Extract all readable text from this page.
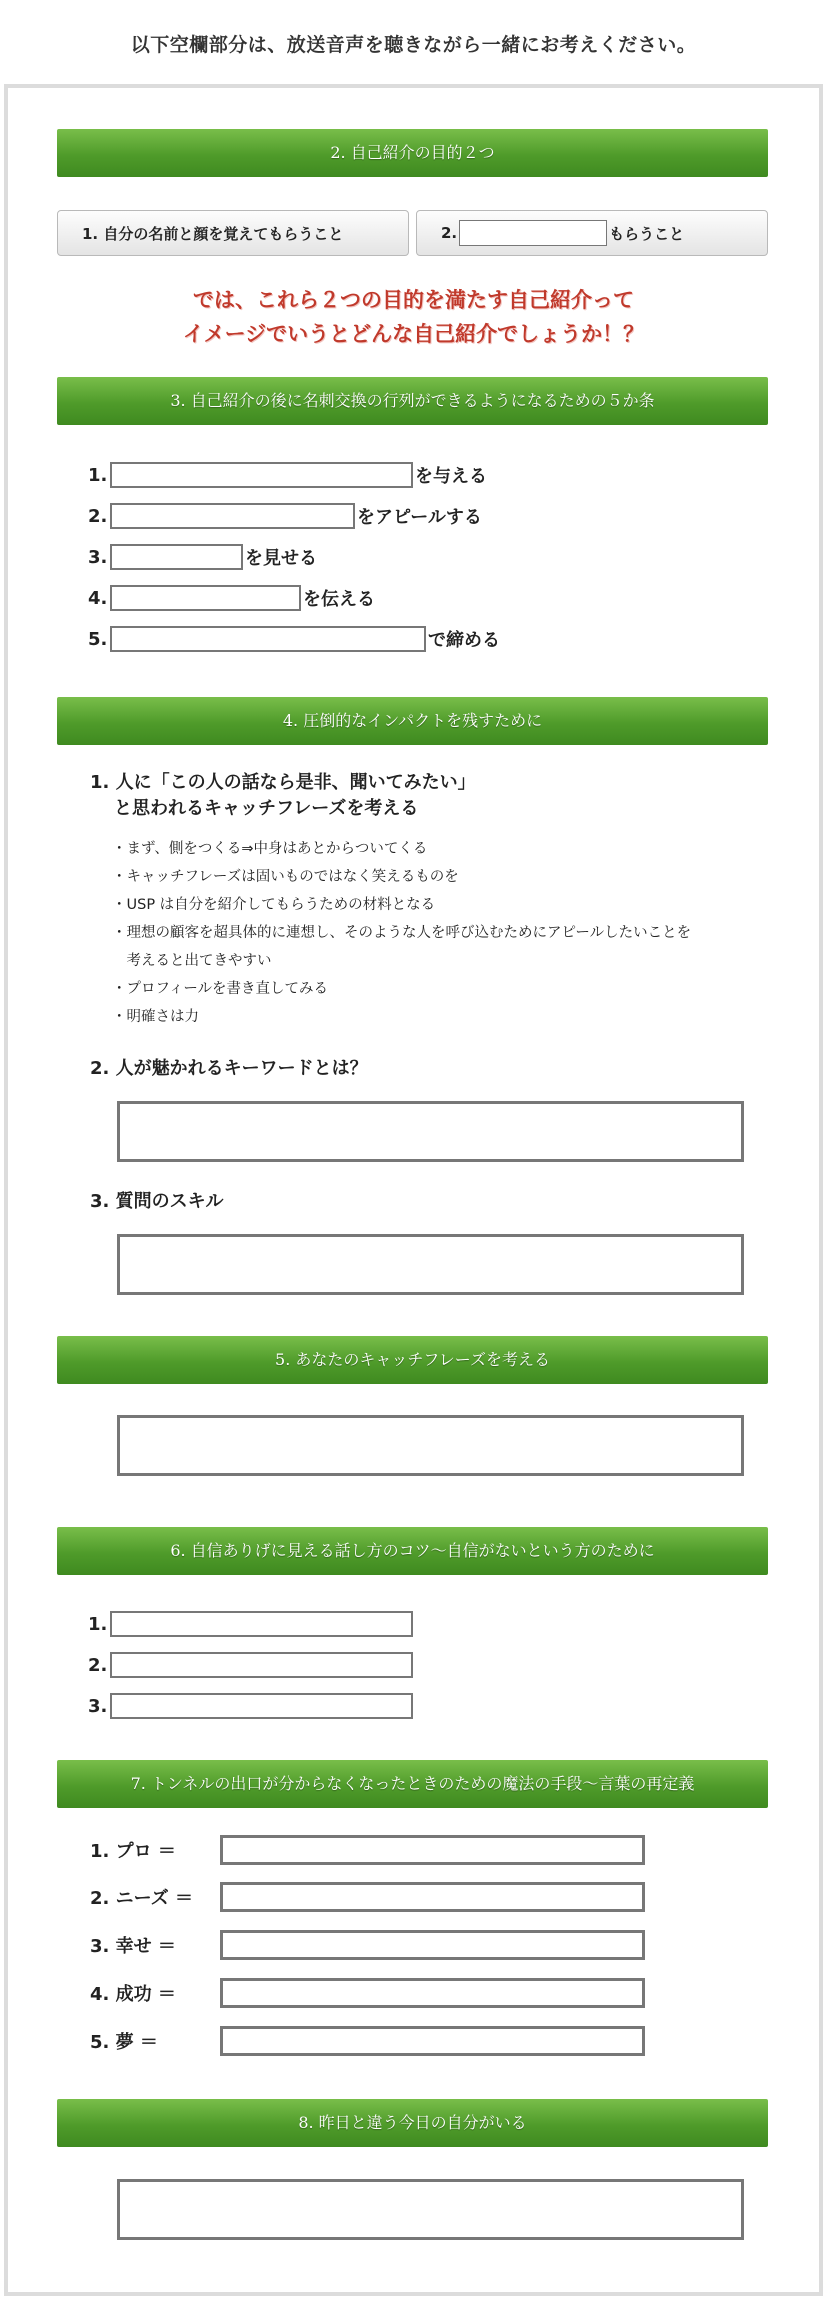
以下空欄部分は、放送音声を聴きながら一緒にお考えください。
2. 自己紹介の目的２つ
1. 自分の名前と顔を覚えてもらうこと	2.	もらうこと
では、これら２つの目的を満たす自己紹介って
イメージでいうとどんな自己紹介でしょうか！？
3. 自己紹介の後に名刺交換の行列ができるようになるための５か条
1.	を与える
2.	をアピールする
3.	を見せる
4.	を伝える
5.	で締める
4. 圧倒的なインパクトを残すために
1. 人に「この人の話なら是非、聞いてみたい」
と思われるキャッチフレーズを考える
・まず、側をつくる⇒中身はあとからついてくる
・キャッチフレーズは固いものではなく笑えるものを
・USP は自分を紹介してもらうための材料となる
・理想の顧客を超具体的に連想し、そのような人を呼び込むためにアピールしたいことを
　考えると出てきやすい
・プロフィールを書き直してみる
・明確さは力
2. 人が魅かれるキーワードとは？
3. 質問のスキル
5. あなたのキャッチフレーズを考える
6. 自信ありげに見える話し方のコツ～自信がないという方のために
1.
2.
3.
7. トンネルの出口が分からなくなったときのための魔法の手段～言葉の再定義
1. プロ ＝
2. ニーズ ＝
3. 幸せ ＝
4. 成功 ＝
5. 夢 ＝
8. 昨日と違う今日の自分がいる
